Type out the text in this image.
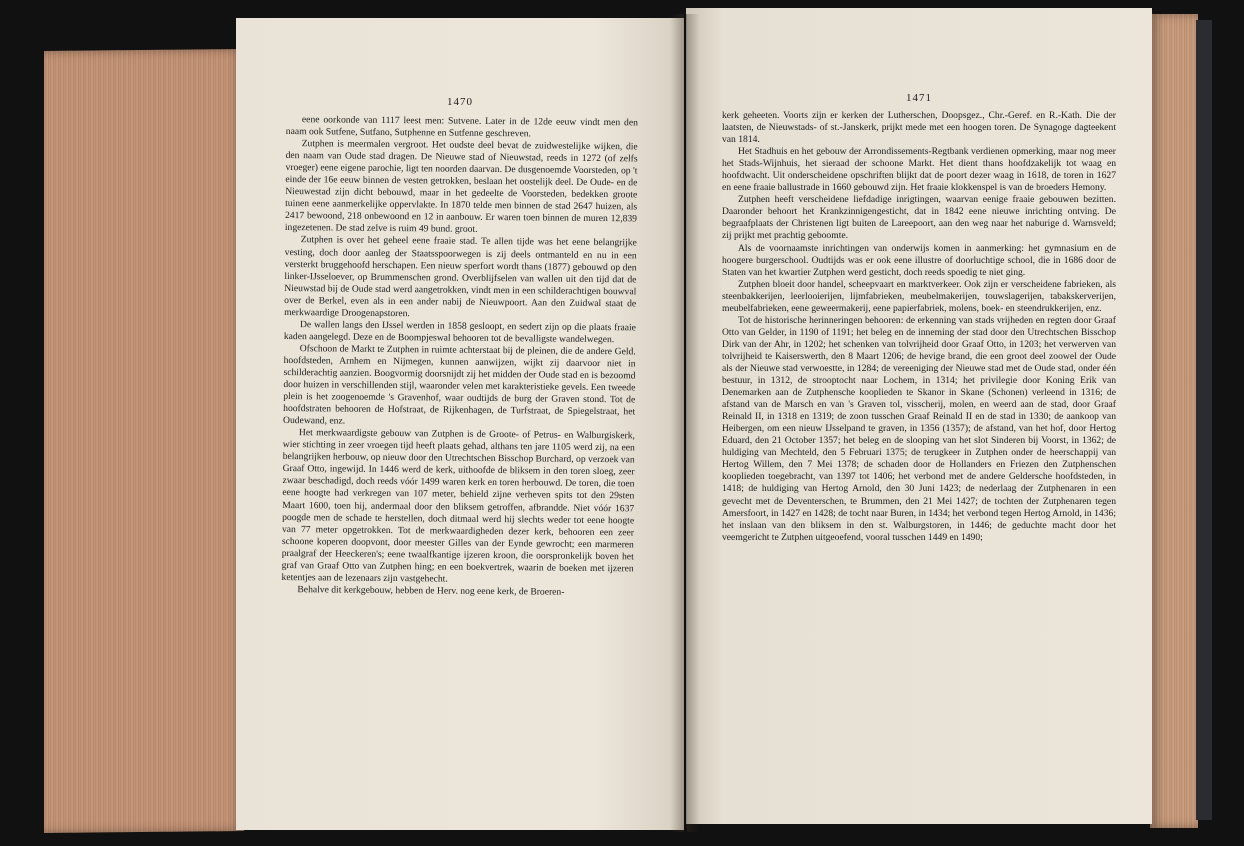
1470

eene oorkonde van 1117 leest men: Sutvene. Later in de 12de eeuw vindt men den naam ook Sutfene, Sutfano, Sutphenne en Sutfenne geschreven.

Zutphen is meermalen vergroot. Het oudste deel bevat de zuidwestelijke wijken, die den naam van Oude stad dragen. De Nieuwe stad of Nieuwstad, reeds in 1272 (of zelfs vroeger) eene eigene parochie, ligt ten noorden daarvan. De dusgenoemde Voorsteden, op 't einde der 16e eeuw binnen de vesten getrokken, beslaan het oostelijk deel. De Oude- en de Nieuwestad zijn dicht bebouwd, maar in het gedeelte de Voorsteden, bedekken groote tuinen eene aanmerkelijke oppervlakte. In 1870 telde men binnen de stad 2647 huizen, als 2417 bewoond, 218 onbewoond en 12 in aanbouw. Er waren toen binnen de muren 12,839 ingezetenen. De stad zelve is ruim 49 bund. groot.

Zutphen is over het geheel eene fraaie stad. Te allen tijde was het eene belangrijke vesting, doch door aanleg der Staatsspoorwegen is zij deels ontmanteld en nu in een versterkt bruggehoofd herschapen. Een nieuw sperfort wordt thans (1877) gebouwd op den linker-IJsseloever, op Brummenschen grond. Overblijfselen van wallen uit den tijd dat de Nieuwstad bij de Oude stad werd aangetrokken, vindt men in een schilderachtigen bouwval over de Berkel, even als in een ander nabij de Nieuwpoort. Aan den Zuidwal staat de merkwaardige Droogenapstoren.

De wallen langs den IJssel werden in 1858 gesloopt, en sedert zijn op die plaats fraaie kaden aangelegd. Deze en de Boompjeswal behooren tot de bevalligste wandelwegen.

Ofschoon de Markt te Zutphen in ruimte achterstaat bij de pleinen, die de andere Geld. hoofdsteden, Arnhem en Nijmegen, kunnen aanwijzen, wijkt zij daarvoor niet in schilderachtig aanzien. Boogvormig doorsnijdt zij het midden der Oude stad en is bezoomd door huizen in verschillenden stijl, waaronder velen met karakteristieke gevels. Een tweede plein is het zoogenoemde 's Gravenhof, waar oudtijds de burg der Graven stond. Tot de hoofdstraten behooren de Hofstraat, de Rijkenhagen, de Turfstraat, de Spiegelstraat, het Oudewand, enz.

Het merkwaardigste gebouw van Zutphen is de Groote- of Petrus- en Walburgiskerk, wier stichting in zeer vroegen tijd heeft plaats gehad, althans ten jare 1105 werd zij, na een belangrijken herbouw, op nieuw door den Utrechtschen Bisschop Burchard, op verzoek van Graaf Otto, ingewijd. In 1446 werd de kerk, uithoofde de bliksem in den toren sloeg, zeer zwaar beschadigd, doch reeds vóór 1499 waren kerk en toren herbouwd. De toren, die toen eene hoogte had verkregen van 107 meter, behield zijne verheven spits tot den 29sten Maart 1600, toen hij, andermaal door den bliksem getroffen, afbrandde. Niet vóór 1637 poogde men de schade te herstellen, doch ditmaal werd hij slechts weder tot eene hoogte van 77 meter opgetrokken. Tot de merkwaardigheden dezer kerk, behooren een zeer schoone koperen doopvont, door meester Gilles van der Eynde gewrocht; een marmeren praalgraf der Heeckeren's; eene twaalfkantige ijzeren kroon, die oorspronkelijk boven het graf van Graaf Otto van Zutphen hing; en een boekvertrek, waarin de boeken met ijzeren ketentjes aan de lezenaars zijn vastgehecht.

Behalve dit kerkgebouw, hebben de Herv. nog eene kerk, de Broeren-

1471

kerk geheeten. Voorts zijn er kerken der Lutherschen, Doopsgez., Chr.-Geref. en R.-Kath. Die der laatsten, de Nieuwstads- of st.-Janskerk, prijkt mede met een hoogen toren. De Synagoge dagteekent van 1814.

Het Stadhuis en het gebouw der Arrondissements-Regtbank verdienen opmerking, maar nog meer het Stads-Wijnhuis, het sieraad der schoone Markt. Het dient thans hoofdzakelijk tot waag en hoofdwacht. Uit onderscheidene opschriften blijkt dat de poort dezer waag in 1618, de toren in 1627 en eene fraaie ballustrade in 1660 gebouwd zijn. Het fraaie klokkenspel is van de broeders Hemony.

Zutphen heeft verscheidene liefdadige inrigtingen, waarvan eenige fraaie gebouwen bezitten. Daaronder behoort het Krankzinnigengesticht, dat in 1842 eene nieuwe inrichting ontving. De begraafplaats der Christenen ligt buiten de Lareepoort, aan den weg naar het naburige d. Warnsveld; zij prijkt met prachtig geboomte.

Als de voornaamste inrichtingen van onderwijs komen in aanmerking: het gymnasium en de hoogere burgerschool. Oudtijds was er ook eene illustre of doorluchtige school, die in 1686 door de Staten van het kwartier Zutphen werd gesticht, doch reeds spoedig te niet ging.

Zutphen bloeit door handel, scheepvaart en marktverkeer. Ook zijn er verscheidene fabrieken, als steenbakkerijen, leerlooierijen, lijmfabrieken, meubelmakerijen, touwslagerijen, tabakskerverijen, meubelfabrieken, eene geweermakerij, eene papierfabriek, molens, boek- en steendrukkerijen, enz.

Tot de historische herinneringen behooren: de erkenning van stads vrijheden en regten door Graaf Otto van Gelder, in 1190 of 1191; het beleg en de inneming der stad door den Utrechtschen Bisschop Dirk van der Ahr, in 1202; het schenken van tolvrijheid door Graaf Otto, in 1203; het verwerven van tolvrijheid te Kaiserswerth, den 8 Maart 1206; de hevige brand, die een groot deel zoowel der Oude als der Nieuwe stad verwoestte, in 1284; de vereeniging der Nieuwe stad met de Oude stad, onder één bestuur, in 1312, de strooptocht naar Lochem, in 1314; het privilegie door Koning Erik van Denemarken aan de Zutphensche kooplieden te Skanor in Skane (Schonen) verleend in 1316; de afstand van de Marsch en van 's Graven tol, visscherij, molen, en weerd aan de stad, door Graaf Reinald II, in 1318 en 1319; de zoon tusschen Graaf Reinald II en de stad in 1330; de aankoop van Heibergen, om een nieuw IJsselpand te graven, in 1356 (1357); de afstand, van het hof, door Hertog Eduard, den 21 October 1357; het beleg en de slooping van het slot Sinderen bij Voorst, in 1362; de huldiging van Mechteld, den 5 Februari 1375; de terugkeer in Zutphen onder de heerschappij van Hertog Willem, den 7 Mei 1378; de schaden door de Hollanders en Friezen den Zutphenschen kooplieden toegebracht, van 1397 tot 1406; het verbond met de andere Geldersche hoofdsteden, in 1418; de huldiging van Hertog Arnold, den 30 Juni 1423; de nederlaag der Zutphenaren in een gevecht met de Deventerschen, te Brummen, den 21 Mei 1427; de tochten der Zutphenaren tegen Amersfoort, in 1427 en 1428; de tocht naar Buren, in 1434; het verbond tegen Hertog Arnold, in 1436; het inslaan van den bliksem in den st. Walburgstoren, in 1446; de geduchte macht door het veemgericht te Zutphen uitgeoefend, vooral tusschen 1449 en 1490;
